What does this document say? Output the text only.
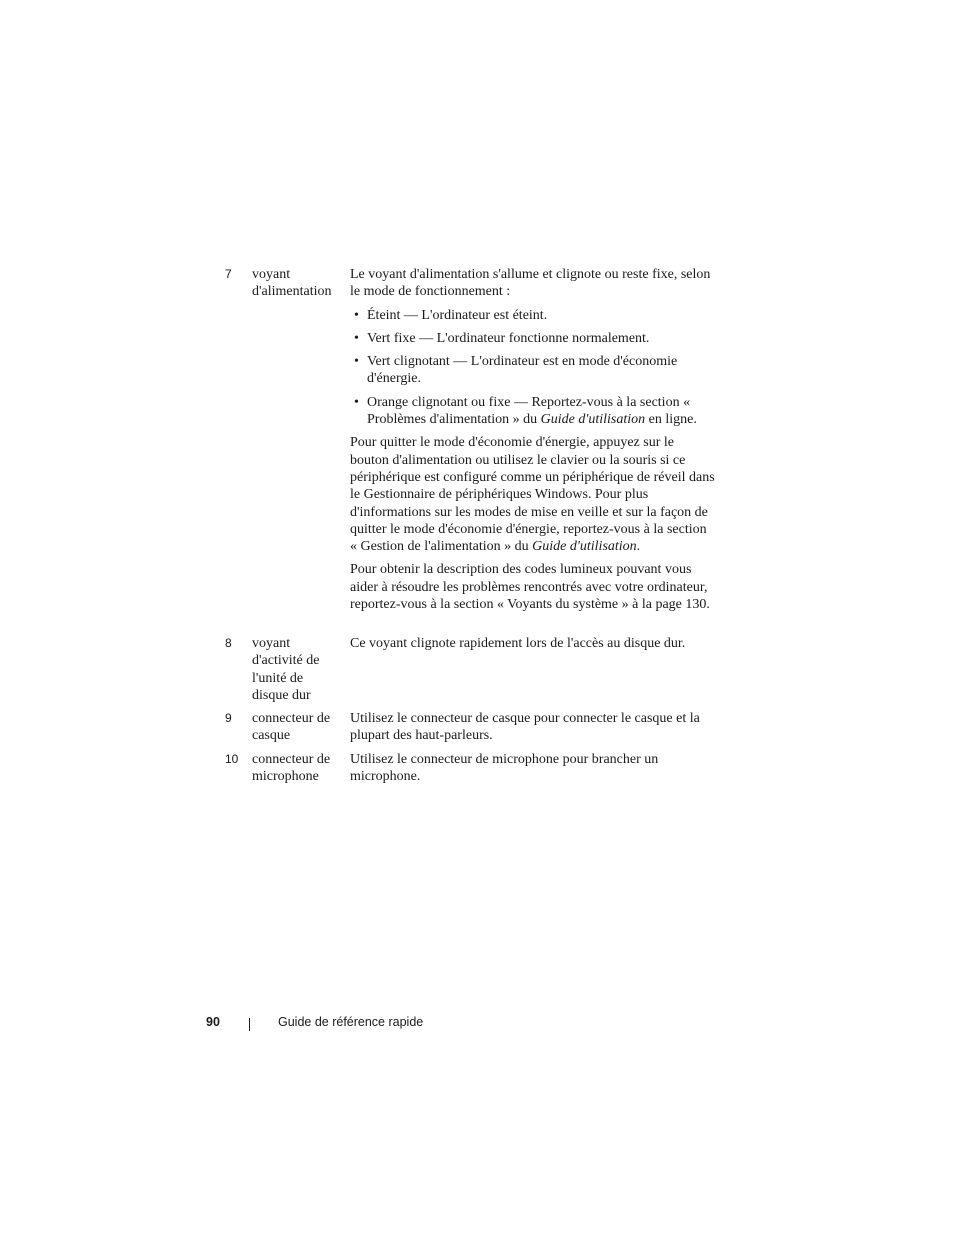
7 voyant d'alimentation

Le voyant d'alimentation s'allume et clignote ou reste fixe, selon le mode de fonctionnement :

• Éteint — L'ordinateur est éteint.
• Vert fixe — L'ordinateur fonctionne normalement.
• Vert clignotant — L'ordinateur est en mode d'économie d'énergie.
• Orange clignotant ou fixe — Reportez-vous à la section « Problèmes d'alimentation » du Guide d'utilisation en ligne.

Pour quitter le mode d'économie d'énergie, appuyez sur le bouton d'alimentation ou utilisez le clavier ou la souris si ce périphérique est configuré comme un périphérique de réveil dans le Gestionnaire de périphériques Windows. Pour plus d'informations sur les modes de mise en veille et sur la façon de quitter le mode d'économie d'énergie, reportez-vous à la section « Gestion de l'alimentation » du Guide d'utilisation.

Pour obtenir la description des codes lumineux pouvant vous aider à résoudre les problèmes rencontrés avec votre ordinateur, reportez-vous à la section « Voyants du système » à la page 130.

8 voyant d'activité de l'unité de disque dur
Ce voyant clignote rapidement lors de l'accès au disque dur.
9 connecteur de casque
Utilisez le connecteur de casque pour connecter le casque et la plupart des haut-parleurs.
10 connecteur de microphone
Utilisez le connecteur de microphone pour brancher un microphone.
90	Guide de référence rapide
